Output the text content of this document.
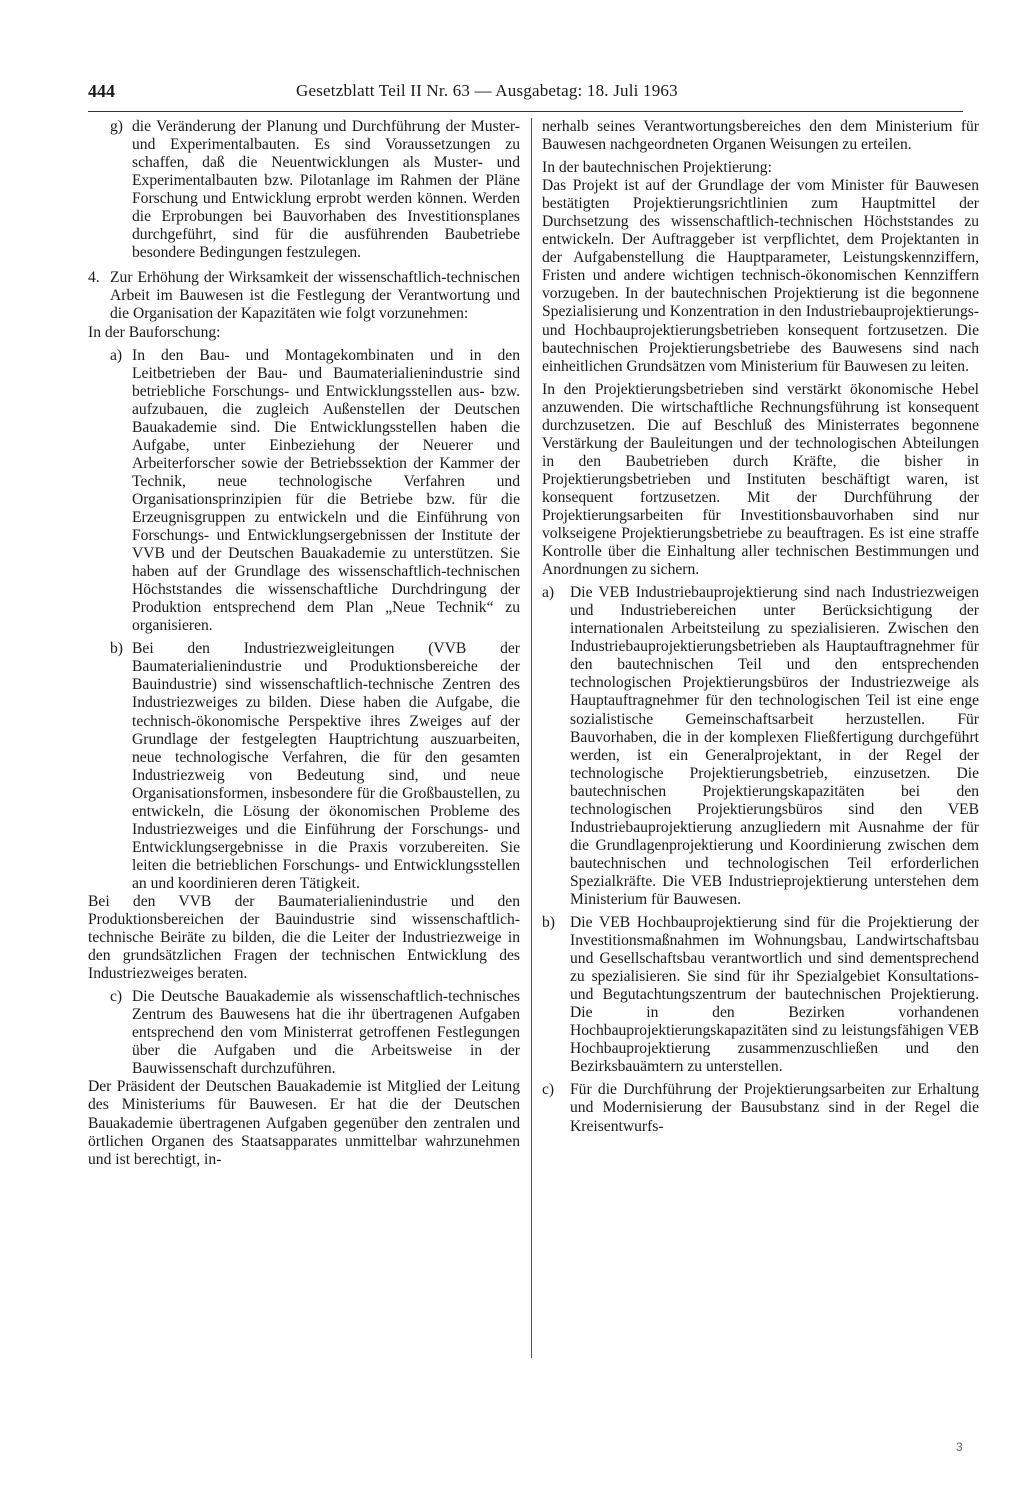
444	Gesetzblatt Teil II Nr. 63 — Ausgabetag: 18. Juli 1963
g) die Veränderung der Planung und Durchführung der Muster- und Experimentalbauten. Es sind Voraussetzungen zu schaffen, daß die Neuentwicklungen als Muster- und Experimentalbauten bzw. Pilotanlage im Rahmen der Pläne Forschung und Entwicklung erprobt werden können. Werden die Erprobungen bei Bauvorhaben des Investitionsplanes durchgeführt, sind für die ausführenden Baubetriebe besondere Bedingungen festzulegen.

4. Zur Erhöhung der Wirksamkeit der wissenschaftlich-technischen Arbeit im Bauwesen ist die Festlegung der Verantwortung und die Organisation der Kapazitäten wie folgt vorzunehmen:

In der Bauforschung:

a) In den Bau- und Montagekombinaten und in den Leitbetrieben der Bau- und Baumaterialienindustrie sind betriebliche Forschungs- und Entwicklungsstellen aus- bzw. aufzubauen, die zugleich Außenstellen der Deutschen Bauakademie sind. Die Entwicklungsstellen haben die Aufgabe, unter Einbeziehung der Neuerer und Arbeiterforscher sowie der Betriebssektion der Kammer der Technik, neue technologische Verfahren und Organisationsprinzipien für die Betriebe bzw. für die Erzeugnisgruppen zu entwickeln und die Einführung von Forschungs- und Entwicklungsergebnissen der Institute der VVB und der Deutschen Bauakademie zu unterstützen. Sie haben auf der Grundlage des wissenschaftlich-technischen Höchststandes die wissenschaftliche Durchdringung der Produktion entsprechend dem Plan „Neue Technik“ zu organisieren.

b) Bei den Industriezweigleitungen (VVB der Baumaterialienindustrie und Produktionsbereiche der Bauindustrie) sind wissenschaftlich-technische Zentren des Industriezweiges zu bilden. Diese haben die Aufgabe, die technisch-ökonomische Perspektive ihres Zweiges auf der Grundlage der festgelegten Hauptrichtung auszuarbeiten, neue technologische Verfahren, die für den gesamten Industriezweig von Bedeutung sind, und neue Organisationsformen, insbesondere für die Großbaustellen, zu entwickeln, die Lösung der ökonomischen Probleme des Industriezweiges und die Einführung der Forschungs- und Entwicklungsergebnisse in die Praxis vorzubereiten. Sie leiten die betrieblichen Forschungs- und Entwicklungsstellen an und koordinieren deren Tätigkeit.

Bei den VVB der Baumaterialienindustrie und den Produktionsbereichen der Bauindustrie sind wissenschaftlich-technische Beiräte zu bilden, die die Leiter der Industriezweige in den grundsätzlichen Fragen der technischen Entwicklung des Industriezweiges beraten.

c) Die Deutsche Bauakademie als wissenschaftlich-technisches Zentrum des Bauwesens hat die ihr übertragenen Aufgaben entsprechend den vom Ministerrat getroffenen Festlegungen über die Aufgaben und die Arbeitsweise in der Bauwissenschaft durchzuführen.

Der Präsident der Deutschen Bauakademie ist Mitglied der Leitung des Ministeriums für Bauwesen. Er hat die der Deutschen Bauakademie übertragenen Aufgaben gegenüber den zentralen und örtlichen Organen des Staatsapparates unmittelbar wahrzunehmen und ist berechtigt, in-

nerhalb seines Verantwortungsbereiches den dem Ministerium für Bauwesen nachgeordneten Organen Weisungen zu erteilen.

In der bautechnischen Projektierung:

Das Projekt ist auf der Grundlage der vom Minister für Bauwesen bestätigten Projektierungsrichtlinien zum Hauptmittel der Durchsetzung des wissenschaftlich-technischen Höchststandes zu entwickeln. Der Auftraggeber ist verpflichtet, dem Projektanten in der Aufgabenstellung die Hauptparameter, Leistungskennziffern, Fristen und andere wichtigen technisch-ökonomischen Kennziffern vorzugeben. In der bautechnischen Projektierung ist die begonnene Spezialisierung und Konzentration in den Industriebauprojektierungs- und Hochbauprojektierungsbetrieben konsequent fortzusetzen. Die bautechnischen Projektierungsbetriebe des Bauwesens sind nach einheitlichen Grundsätzen vom Ministerium für Bauwesen zu leiten.

In den Projektierungsbetrieben sind verstärkt ökonomische Hebel anzuwenden. Die wirtschaftliche Rechnungsführung ist konsequent durchzusetzen. Die auf Beschluß des Ministerrates begonnene Verstärkung der Bauleitungen und der technologischen Abteilungen in den Baubetrieben durch Kräfte, die bisher in Projektierungsbetrieben und Instituten beschäftigt waren, ist konsequent fortzusetzen. Mit der Durchführung der Projektierungsarbeiten für Investitionsbauvorhaben sind nur volkseigene Projektierungsbetriebe zu beauftragen. Es ist eine straffe Kontrolle über die Einhaltung aller technischen Bestimmungen und Anordnungen zu sichern.

a)	Die VEB Industriebauprojektierung sind nach Industriezweigen und Industriebereichen unter Berücksichtigung der internationalen Arbeitsteilung zu spezialisieren. Zwischen den Industriebauprojektierungsbetrieben als Hauptauftragnehmer für den bautechnischen Teil und den entsprechenden technologischen Projektierungsbüros der Industriezweige als Hauptauftragnehmer für den technologischen Teil ist eine enge sozialistische Gemeinschaftsarbeit herzustellen. Für Bauvorhaben, die in der komplexen Fließfertigung durchgeführt werden, ist ein Generalprojektant, in der Regel der technologische Projektierungsbetrieb, einzusetzen. Die bautechnischen Projektierungskapazitäten bei den technologischen Projektierungsbüros sind den VEB Industriebauprojektierung anzugliedern mit Ausnahme der für die Grundlagenprojektierung und Koordinierung zwischen dem bautechnischen und technologischen Teil erforderlichen Spezialkräfte. Die VEB Industrieprojektierung unterstehen dem Ministerium für Bauwesen.

b) Die VEB Hochbauprojektierung sind für die Projektierung der Investitionsmaßnahmen im Wohnungsbau, Landwirtschaftsbau und Gesellschaftsbau verantwortlich und sind dementsprechend zu spezialisieren. Sie sind für ihr Spezialgebiet Konsultations- und Begutachtungszentrum der bautechnischen Projektierung. Die in den Bezirken vorhandenen Hochbauprojektierungskapazitäten sind zu leistungsfähigen VEB Hochbauprojektierung zusammenzuschließen und den Bezirksbauämtern zu unterstellen.

c)	Für die Durchführung der Projektierungsarbeiten zur Erhaltung und Modernisierung der Bausubstanz sind in der Regel die Kreisentwurfs-

3
